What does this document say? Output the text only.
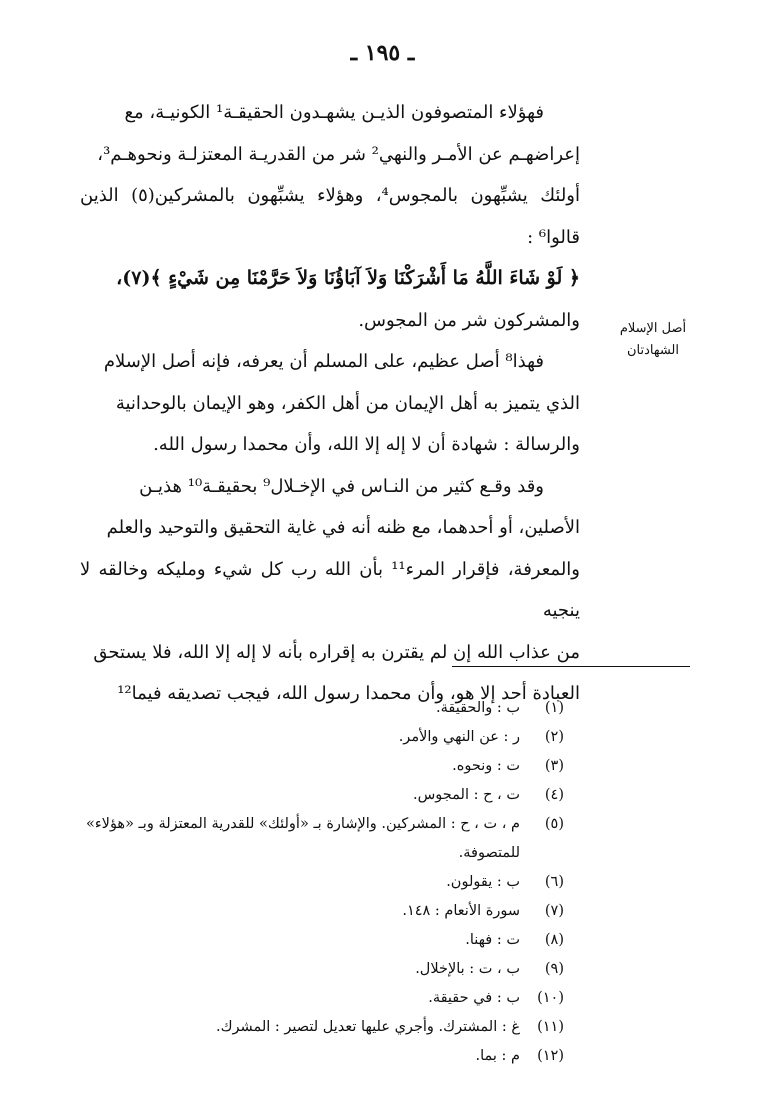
ـ ١٩٥ ـ

فهؤلاء المتصوفون الذيـن يشهـدون الحقيقـة¹ الكونيـة، مع

إعراضهـم عن الأمـر والنهي² شر من القدريـة المعتزلـة ونحوهـم³،

أولئك يشبِّهون بالمجوس⁴، وهؤلاء يشبِّهون بالمشركين(٥) الذين قالوا⁶ :

﴿ لَوْ شَاءَ اللَّهُ مَا أَشْرَكْنَا وَلاَ آبَاؤُنَا وَلاَ حَرَّمْنَا مِن شَيْءٍ ﴾(٧)،

والمشركون شر من المجوس.

فهذا⁸ أصل عظيم، على المسلم أن يعرفه، فإنه أصل الإسلام

الذي يتميز به أهل الإيمان من أهل الكفر، وهو الإيمان بالوحدانية

والرسالة : شهادة أن لا إله إلا الله، وأن محمدا رسول الله.

وقد وقـع كثير من النـاس في الإخـلال⁹ بحقيقـة¹⁰ هذيـن

الأصلين، أو أحدهما، مع ظنه أنه في غاية التحقيق والتوحيد والعلم

والمعرفة، فإقرار المرء¹¹ بأن الله رب كل شيء ومليكه وخالقه لا ينجيه

من عذاب الله إن لم يقترن به إقراره بأنه لا إله إلا الله، فلا يستحق

العبادة أحد إلا هو، وأن محمدا رسول الله، فيجب تصديقه فيما¹²

أصل الإسلام
الشهادتان
(١)
ب : والحقيقة.
(٢)
ر : عن النهي والأمر.
(٣)
ت : ونحوه.
(٤)
ت ، ح : المجوس.
(٥)
م ، ت ، ح : المشركين. والإشارة بـ «أولئك» للقدرية المعتزلة وبـ «هؤلاء» للمتصوفة.
(٦)
ب : يقولون.
(٧)
سورة الأنعام : ١٤٨.
(٨)
ت : فهنا.
(٩)
ب ، ت : بالإخلال.
(١٠)
ب : في حقيقة.
(١١)
غ : المشترك. وأجري عليها تعديل لتصير : المشرك.
(١٢)
م : بما.
